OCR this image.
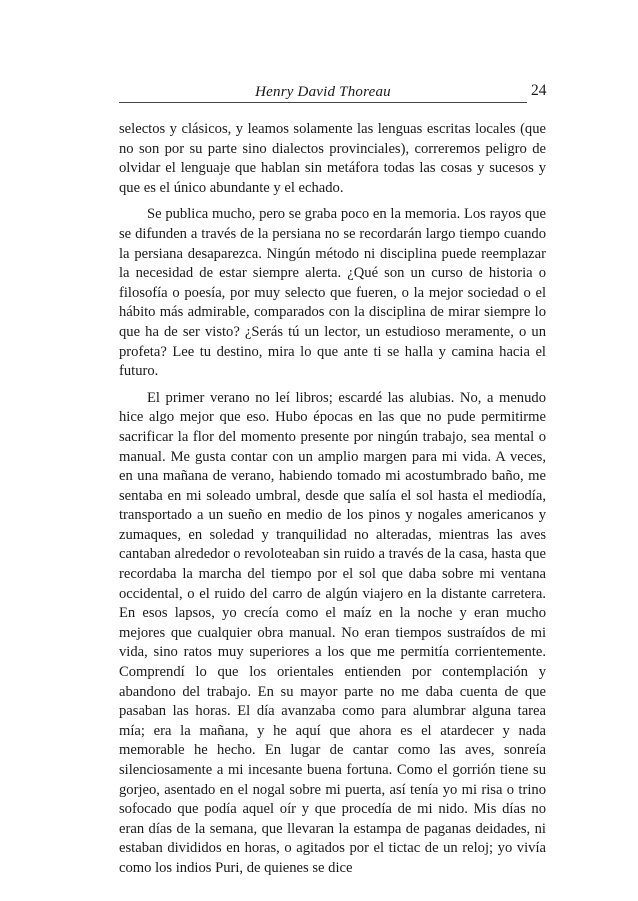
Henry David Thoreau	24

selectos y clásicos, y leamos solamente las lenguas escritas locales (que no son por su parte sino dialectos provinciales), correremos peligro de olvidar el lenguaje que hablan sin metáfora todas las cosas y sucesos y que es el único abundante y el echado.

Se publica mucho, pero se graba poco en la memoria. Los rayos que se difunden a través de la persiana no se recordarán largo tiempo cuando la persiana desaparezca. Ningún método ni disciplina puede reemplazar la necesidad de estar siempre alerta. ¿Qué son un curso de historia o filosofía o poesía, por muy selecto que fueren, o la mejor sociedad o el hábito más admirable, comparados con la disciplina de mirar siempre lo que ha de ser visto? ¿Serás tú un lector, un estudioso meramente, o un profeta? Lee tu destino, mira lo que ante ti se halla y camina hacia el futuro.

El primer verano no leí libros; escardé las alubias. No, a menudo hice algo mejor que eso. Hubo épocas en las que no pude permitirme sacrificar la flor del momento presente por ningún trabajo, sea mental o manual. Me gusta contar con un amplio margen para mi vida. A veces, en una mañana de verano, habiendo tomado mi acostumbrado baño, me sentaba en mi soleado umbral, desde que salía el sol hasta el mediodía, transportado a un sueño en medio de los pinos y nogales americanos y zumaques, en soledad y tranquilidad no alteradas, mientras las aves cantaban alrededor o revoloteaban sin ruido a través de la casa, hasta que recordaba la marcha del tiempo por el sol que daba sobre mi ventana occidental, o el ruido del carro de algún viajero en la distante carretera. En esos lapsos, yo crecía como el maíz en la noche y eran mucho mejores que cualquier obra manual. No eran tiempos sustraídos de mi vida, sino ratos muy superiores a los que me permitía corrientemente. Comprendí lo que los orientales entienden por contemplación y abandono del trabajo. En su mayor parte no me daba cuenta de que pasaban las horas. El día avanzaba como para alumbrar alguna tarea mía; era la mañana, y he aquí que ahora es el atardecer y nada memorable he hecho. En lugar de cantar como las aves, sonreía silenciosamente a mi incesante buena fortuna. Como el gorrión tiene su gorjeo, asentado en el nogal sobre mi puerta, así tenía yo mi risa o trino sofocado que podía aquel oír y que procedía de mi nido. Mis días no eran días de la semana, que llevaran la estampa de paganas deidades, ni estaban divididos en horas, o agitados por el tictac de un reloj; yo vivía como los indios Puri, de quienes se dice
